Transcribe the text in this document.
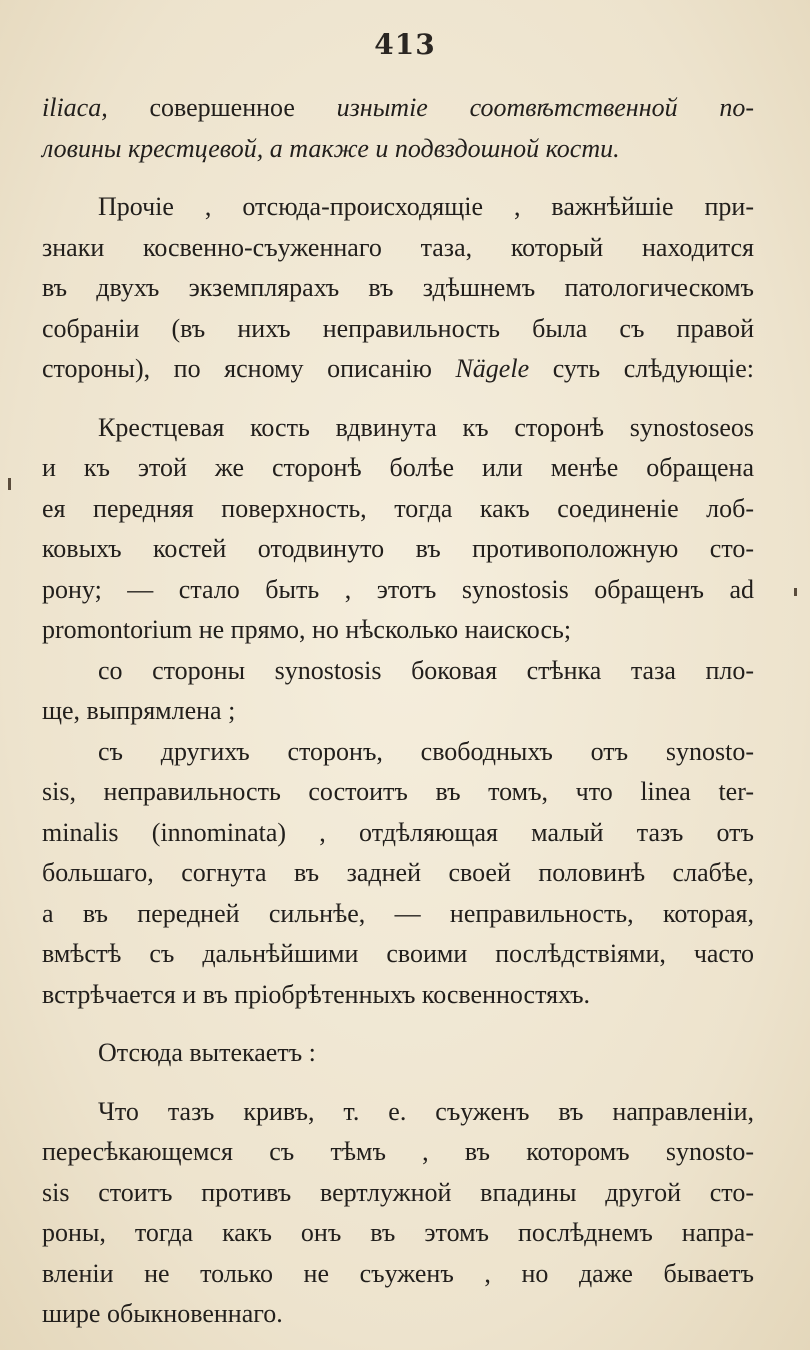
413
iliaca, совершенное изнытіе соотвѣтственной по-
ловины крестцевой, а также и подвздошной кости.
Прочіе , отсюда-происходящіе , важнѣйшіе при-
знаки косвенно-съуженнаго таза, который находится
въ двухъ экземплярахъ въ здѣшнемъ патологическомъ
собраніи (въ нихъ неправильность была съ правой
стороны), по ясному описанію Nägele суть слѣдующіе:
Крестцевая кость вдвинута къ сторонѣ synostoseos
и къ этой же сторонѣ болѣе или менѣе обращена
ея передняя поверхность, тогда какъ соединеніе лоб-
ковыхъ костей отодвинуто въ противоположную сто-
рону; — стало быть , этотъ synostosis обращенъ ad
promontorium не прямо, но нѣсколько наискось;
со стороны synostosis боковая стѣнка таза пло-
ще, выпрямлена ;
съ другихъ сторонъ, свободныхъ отъ synosto-
sis, неправильность состоитъ въ томъ, что linea ter-
minalis (innominata) , отдѣляющая малый тазъ отъ
большаго, согнута въ задней своей половинѣ слабѣе,
а въ передней сильнѣе, — неправильность, которая,
вмѣстѣ съ дальнѣйшими своими послѣдствіями, часто
встрѣчается и въ пріобрѣтенныхъ косвенностяхъ.
Отсюда вытекаетъ :
Что тазъ кривъ, т. е. съуженъ въ направленіи,
пересѣкающемся съ тѣмъ , въ которомъ synosto-
sis стоитъ противъ вертлужной впадины другой сто-
роны, тогда какъ онъ въ этомъ послѣднемъ напра-
вленіи не только не съуженъ , но даже бываетъ
шире обыкновеннаго.
